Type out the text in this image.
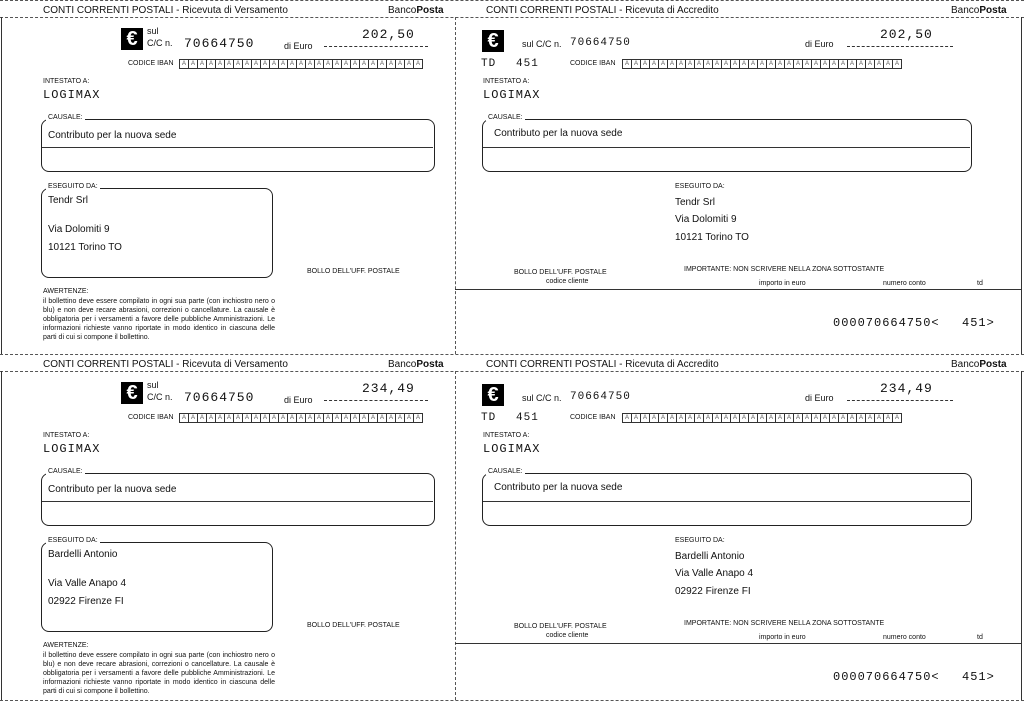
CONTI CORRENTI POSTALI - Ricevuta di Versamento	BancoPosta
€	sul
C/C n. 70664750	di Euro
202,50
CODICE IBAN	A A A A A A A A A A A A A A A A A A A A A A A A A A A
INTESTATO A:
LOGIMAX
CAUSALE:
Contributo per la nuova sede
ESEGUITO DA:
Tendr Srl
Via Dolomiti 9
10121 Torino TO
BOLLO DELL'UFF. POSTALE
AWERTENZE:
il bollettino deve essere compilato in ogni sua parte (con inchiostro nero o blu) e non deve recare abrasioni, correzioni o cancellature. La causale è obbligatoria per i versamenti a favore delle pubbliche Amministrazioni. Le informazioni richieste vanno riportate in modo identico in ciascuna delle parti di cui si compone il bollettino.
CONTI CORRENTI POSTALI - Ricevuta di Accredito	BancoPosta
€	sul C/C n. 70664750	di Euro
202,50
TD 451	CODICE IBAN	A A A A A A A A A A A A A A A A A A A A A A A A A A A A A A A
INTESTATO A:
LOGIMAX
CAUSALE:
Contributo per la nuova sede
ESEGUITO DA:
Tendr Srl
Via Dolomiti 9
10121 Torino TO
BOLLO DELL'UFF. POSTALE
codice cliente
IMPORTANTE: NON SCRIVERE NELLA ZONA SOTTOSTANTE
importo in euro	numero conto	td
000070664750< 451>
CONTI CORRENTI POSTALI - Ricevuta di Versamento	BancoPosta
€	sul
C/C n. 70664750	di Euro
234,49
CODICE IBAN	A A A A A A A A A A A A A A A A A A A A A A A A A A A
INTESTATO A:
LOGIMAX
CAUSALE:
Contributo per la nuova sede
ESEGUITO DA:
Bardelli Antonio
Via Valle Anapo 4
02922 Firenze FI
BOLLO DELL'UFF. POSTALE
AWERTENZE:
il bollettino deve essere compilato in ogni sua parte (con inchiostro nero o blu) e non deve recare abrasioni, correzioni o cancellature. La causale è obbligatoria per i versamenti a favore delle pubbliche Amministrazioni. Le informazioni richieste vanno riportate in modo identico in ciascuna delle parti di cui si compone il bollettino.
CONTI CORRENTI POSTALI - Ricevuta di Accredito	BancoPosta
€	sul C/C n. 70664750	di Euro
234,49
TD 451	CODICE IBAN	A A A A A A A A A A A A A A A A A A A A A A A A A A A A A A A
INTESTATO A:
LOGIMAX
CAUSALE:
Contributo per la nuova sede
ESEGUITO DA:
Bardelli Antonio
Via Valle Anapo 4
02922 Firenze FI
BOLLO DELL'UFF. POSTALE
codice cliente
IMPORTANTE: NON SCRIVERE NELLA ZONA SOTTOSTANTE
importo in euro	numero conto	td
000070664750< 451>
